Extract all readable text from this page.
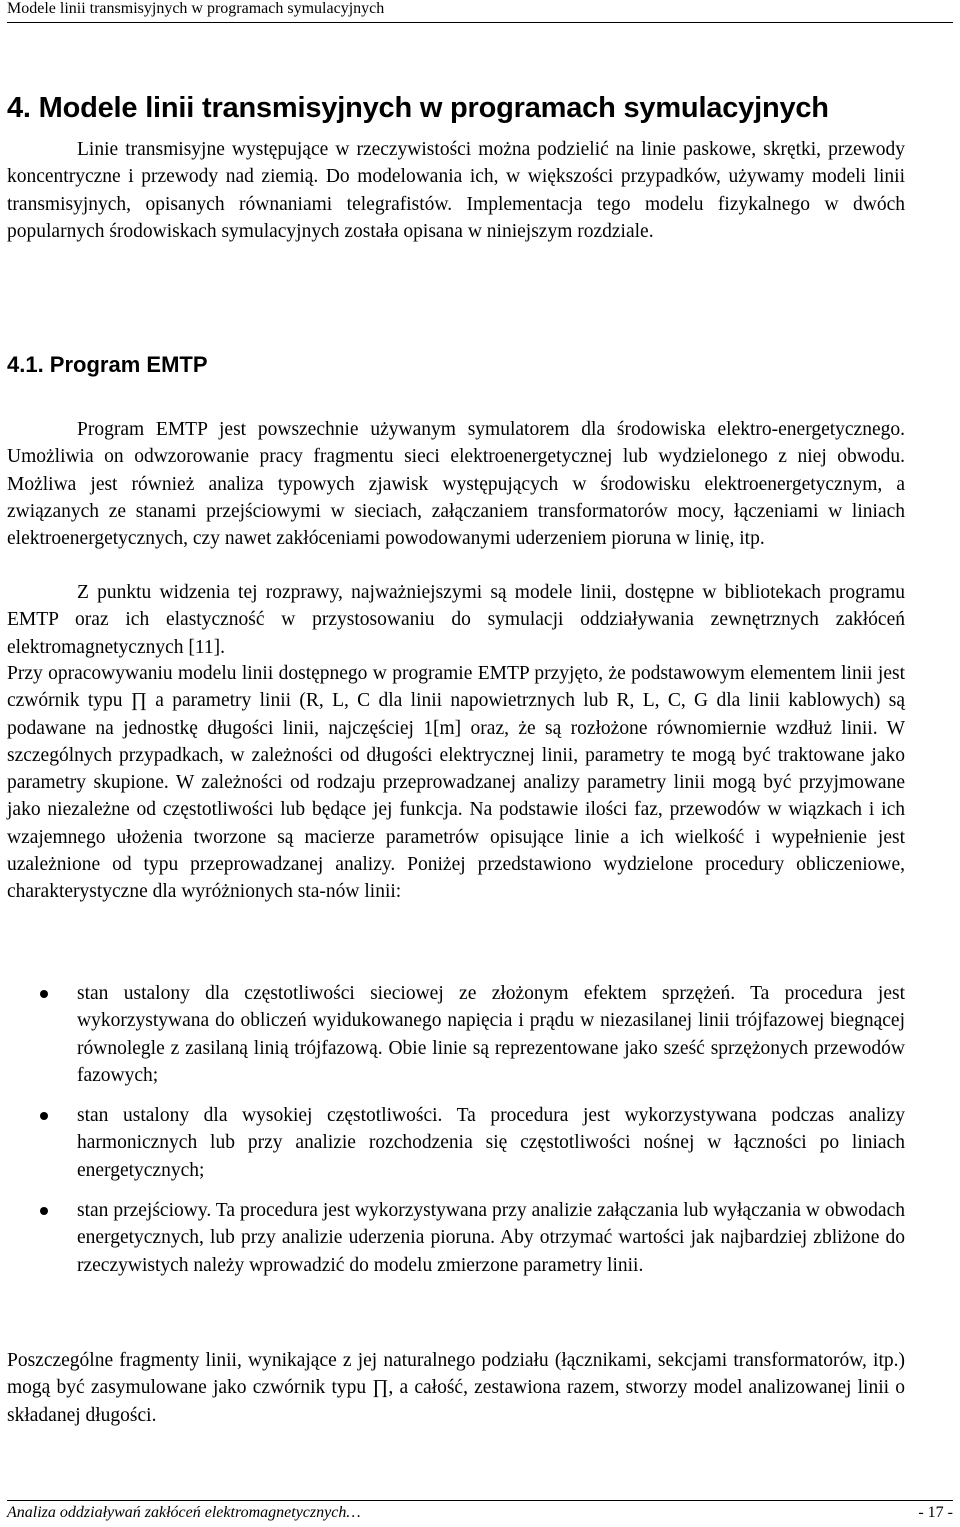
Modele linii transmisyjnych w programach symulacyjnych
4. Modele linii transmisyjnych w programach symulacyjnych

Linie transmisyjne występujące w rzeczywistości można podzielić na linie paskowe, skrętki, przewody koncentryczne i przewody nad ziemią. Do modelowania ich, w większości przypadków, używamy modeli linii transmisyjnych, opisanych równaniami telegrafistów. Implementacja tego modelu fizykalnego w dwóch popularnych środowiskach symulacyjnych została opisana w niniejszym rozdziale.

4.1. Program EMTP

Program EMTP jest powszechnie używanym symulatorem dla środowiska elektro-energetycznego. Umożliwia on odwzorowanie pracy fragmentu sieci elektroenergetycznej lub wydzielonego z niej obwodu. Możliwa jest również analiza typowych zjawisk występujących w środowisku elektroenergetycznym, a związanych ze stanami przejściowymi w sieciach, załączaniem transformatorów mocy, łączeniami w liniach elektroenergetycznych, czy nawet zakłóceniami powodowanymi uderzeniem pioruna w linię, itp.

Z punktu widzenia tej rozprawy, najważniejszymi są modele linii, dostępne w bibliotekach programu EMTP oraz ich elastyczność w przystosowaniu do symulacji oddziaływania zewnętrznych zakłóceń elektromagnetycznych [11].

Przy opracowywaniu modelu linii dostępnego w programie EMTP przyjęto, że podstawowym elementem linii jest czwórnik typu ∏ a parametry linii (R, L, C dla linii napowietrznych lub R, L, C, G dla linii kablowych) są podawane na jednostkę długości linii, najczęściej 1[m] oraz, że są rozłożone równomiernie wzdłuż linii. W szczególnych przypadkach, w zależności od długości elektrycznej linii, parametry te mogą być traktowane jako parametry skupione. W zależności od rodzaju przeprowadzanej analizy parametry linii mogą być przyjmowane jako niezależne od częstotliwości lub będące jej funkcja. Na podstawie ilości faz, przewodów w wiązkach i ich wzajemnego ułożenia tworzone są macierze parametrów opisujące linie a ich wielkość i wypełnienie jest uzależnione od typu przeprowadzanej analizy. Poniżej przedstawiono wydzielone procedury obliczeniowe, charakterystyczne dla wyróżnionych sta-nów linii:

stan ustalony dla częstotliwości sieciowej ze złożonym efektem sprzężeń. Ta procedura jest wykorzystywana do obliczeń wyidukowanego napięcia i prądu w niezasilanej linii trójfazowej biegnącej równolegle z zasilaną linią trójfazową. Obie linie są reprezentowane jako sześć sprzężonych przewodów fazowych;
stan ustalony dla wysokiej częstotliwości. Ta procedura jest wykorzystywana podczas analizy harmonicznych lub przy analizie rozchodzenia się częstotliwości nośnej w łączności po liniach energetycznych;
stan przejściowy. Ta procedura jest wykorzystywana przy analizie załączania lub wyłączania w obwodach energetycznych, lub przy analizie uderzenia pioruna. Aby otrzymać wartości jak najbardziej zbliżone do rzeczywistych należy wprowadzić do modelu zmierzone parametry linii.

Poszczególne fragmenty linii, wynikające z jej naturalnego podziału (łącznikami, sekcjami transformatorów, itp.) mogą być zasymulowane jako czwórnik typu ∏, a całość, zestawiona razem, stworzy model analizowanej linii o składanej długości.

Analiza oddziaływań zakłóceń elektromagnetycznych…	- 17 -
